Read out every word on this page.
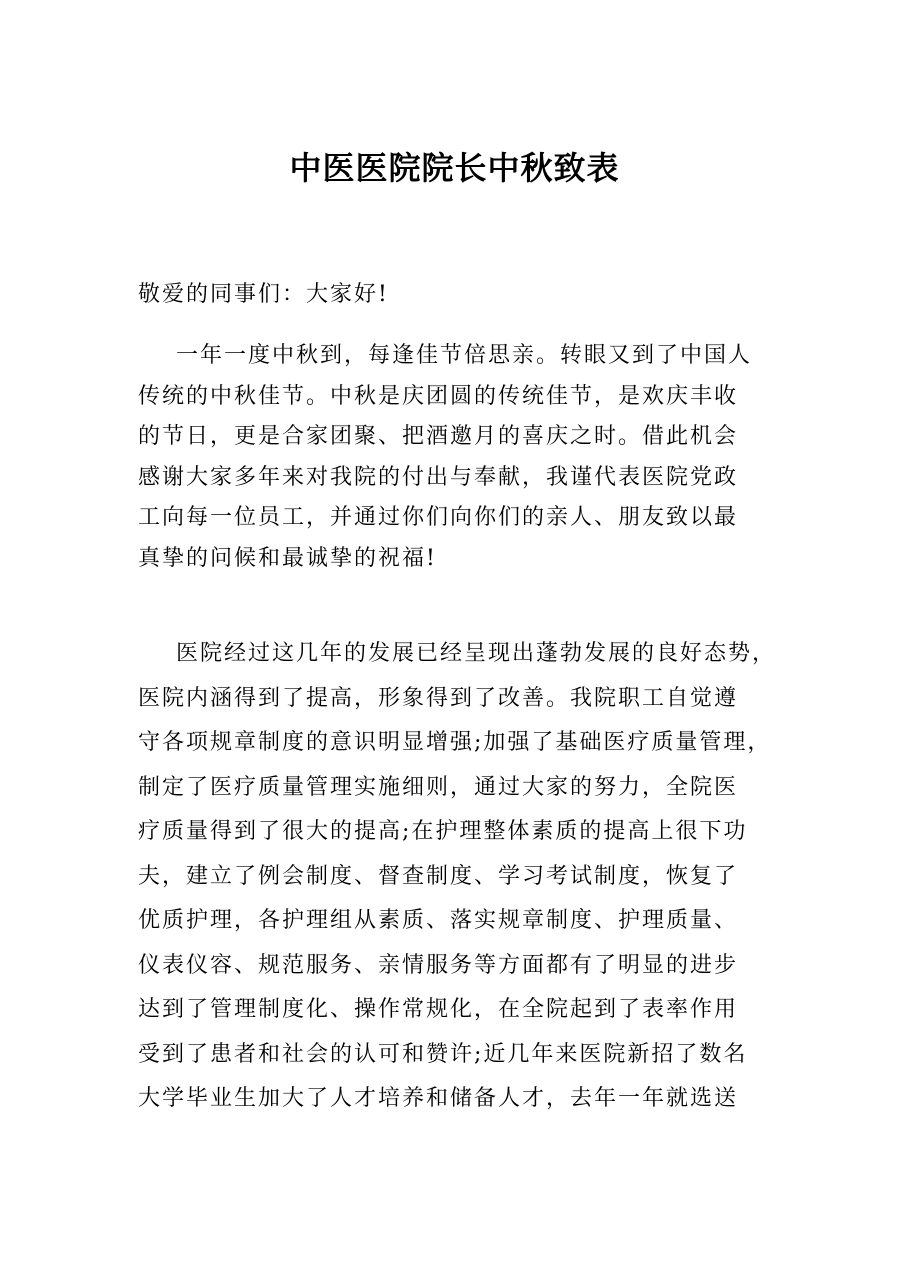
中医医院院长中秋致表

敬爱的同事们：大家好!

一年一度中秋到，每逢佳节倍思亲。转眼又到了中国人
传统的中秋佳节。中秋是庆团圆的传统佳节，是欢庆丰收
的节日，更是合家团聚、把酒邀月的喜庆之时。借此机会
感谢大家多年来对我院的付出与奉献，我谨代表医院党政
工向每一位员工，并通过你们向你们的亲人、朋友致以最
真挚的问候和最诚挚的祝福!
医院经过这几年的发展已经呈现出蓬勃发展的良好态势，
医院内涵得到了提高，形象得到了改善。我院职工自觉遵
守各项规章制度的意识明显增强;加强了基础医疗质量管理，
制定了医疗质量管理实施细则，通过大家的努力，全院医
疗质量得到了很大的提高;在护理整体素质的提高上很下功
夫，建立了例会制度、督查制度、学习考试制度，恢复了
优质护理，各护理组从素质、落实规章制度、护理质量、
仪表仪容、规范服务、亲情服务等方面都有了明显的进步
达到了管理制度化、操作常规化，在全院起到了表率作用
受到了患者和社会的认可和赞许;近几年来医院新招了数名
大学毕业生加大了人才培养和储备人才，去年一年就选送
